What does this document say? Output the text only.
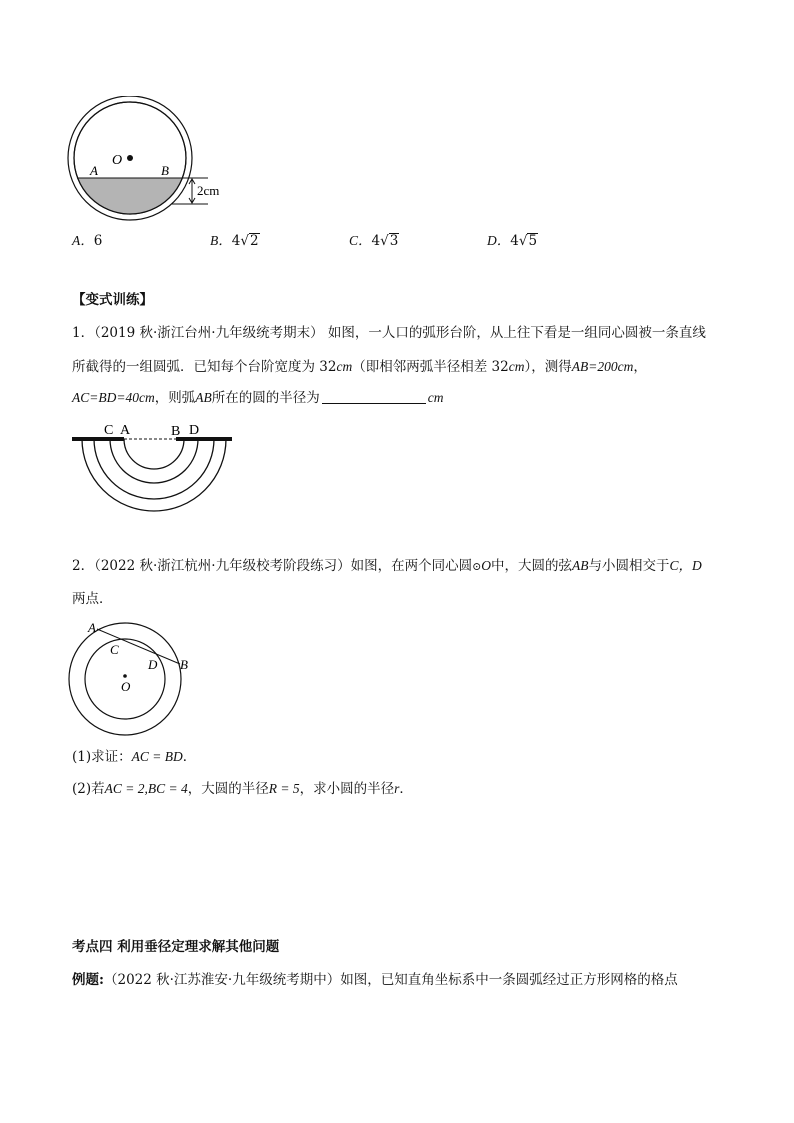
O
A	B
2cm
A．6	B．4√2	C．4√3	D．4√5
【变式训练】
1．（2019 秋·浙江台州·九年级统考期末） 如图，一人口的弧形台阶，从上往下看是一组同心圆被一条直线
所截得的一组圆弧．已知每个台阶宽度为 32cm（即相邻两弧半径相差 32cm），测得AB=200cm，
AC=BD=40cm，则弧AB所在的圆的半径为	cm
C A	B D
2．（2022 秋·浙江杭州·九年级校考阶段练习）如图，在两个同心圆⊙O中，大圆的弦AB与小圆相交于C，D
两点．
A
C
D B
O
(1)求证：AC = BD．
(2)若AC = 2,BC = 4，大圆的半径R = 5，求小圆的半径r．
考点四 利用垂径定理求解其他问题
例题:（2022 秋·江苏淮安·九年级统考期中）如图，已知直角坐标系中一条圆弧经过正方形网格的格点
